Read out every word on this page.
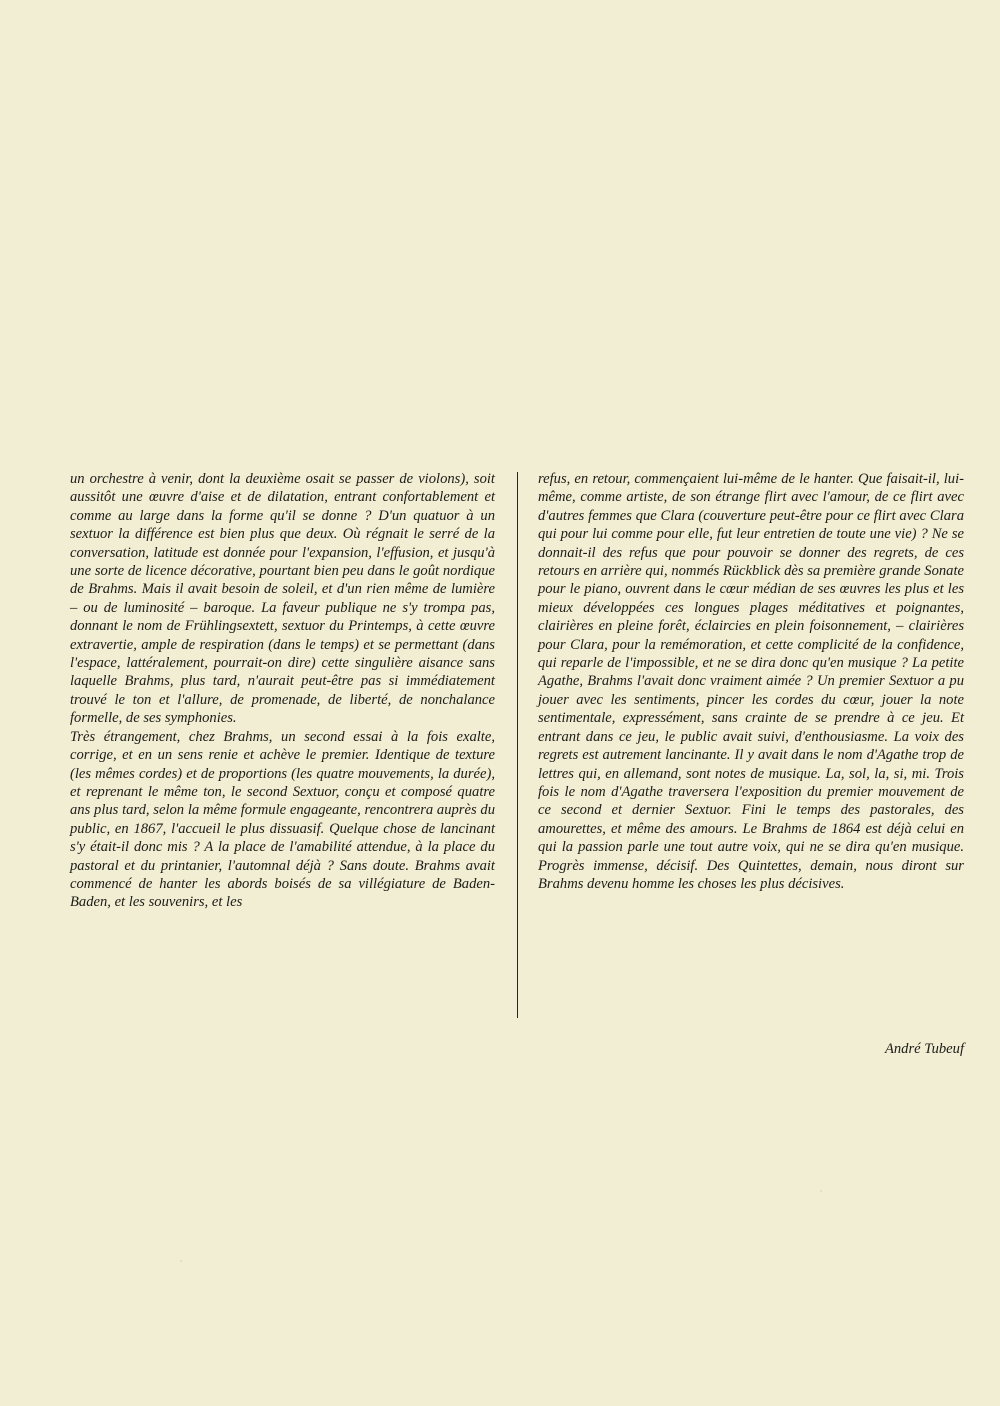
un orchestre à venir, dont la deuxième osait se passer de violons), soit aussitôt une œuvre d'aise et de dilatation, entrant confortablement et comme au large dans la forme qu'il se donne ? D'un quatuor à un sextuor la différence est bien plus que deux. Où régnait le serré de la conversation, latitude est donnée pour l'expansion, l'effusion, et jusqu'à une sorte de licence décorative, pourtant bien peu dans le goût nordique de Brahms. Mais il avait besoin de soleil, et d'un rien même de lumière – ou de luminosité – baroque. La faveur publique ne s'y trompa pas, donnant le nom de Frühlingsextett, sextuor du Printemps, à cette œuvre extravertie, ample de respiration (dans le temps) et se permettant (dans l'espace, lattéralement, pourrait-on dire) cette singulière aisance sans laquelle Brahms, plus tard, n'aurait peut-être pas si immédiatement trouvé le ton et l'allure, de promenade, de liberté, de nonchalance formelle, de ses symphonies.

Très étrangement, chez Brahms, un second essai à la fois exalte, corrige, et en un sens renie et achève le premier. Identique de texture (les mêmes cordes) et de proportions (les quatre mouvements, la durée), et reprenant le même ton, le second Sextuor, conçu et composé quatre ans plus tard, selon la même formule engageante, rencontrera auprès du public, en 1867, l'accueil le plus dissuasif. Quelque chose de lancinant s'y était-il donc mis ? A la place de l'amabilité attendue, à la place du pastoral et du printanier, l'automnal déjà ? Sans doute. Brahms avait commencé de hanter les abords boisés de sa villégiature de Baden-Baden, et les souvenirs, et les

refus, en retour, commençaient lui-même de le hanter. Que faisait-il, lui-même, comme artiste, de son étrange flirt avec l'amour, de ce flirt avec d'autres femmes que Clara (couverture peut-être pour ce flirt avec Clara qui pour lui comme pour elle, fut leur entretien de toute une vie) ? Ne se donnait-il des refus que pour pouvoir se donner des regrets, de ces retours en arrière qui, nommés Rückblick dès sa première grande Sonate pour le piano, ouvrent dans le cœur médian de ses œuvres les plus et les mieux développées ces longues plages méditatives et poignantes, clairières en pleine forêt, éclaircies en plein foisonnement, – clairières pour Clara, pour la remémoration, et cette complicité de la confidence, qui reparle de l'impossible, et ne se dira donc qu'en musique ? La petite Agathe, Brahms l'avait donc vraiment aimée ? Un premier Sextuor a pu jouer avec les sentiments, pincer les cordes du cœur, jouer la note sentimentale, expressément, sans crainte de se prendre à ce jeu. Et entrant dans ce jeu, le public avait suivi, d'enthousiasme. La voix des regrets est autrement lancinante. Il y avait dans le nom d'Agathe trop de lettres qui, en allemand, sont notes de musique. La, sol, la, si, mi. Trois fois le nom d'Agathe traversera l'exposition du premier mouvement de ce second et dernier Sextuor. Fini le temps des pastorales, des amourettes, et même des amours. Le Brahms de 1864 est déjà celui en qui la passion parle une tout autre voix, qui ne se dira qu'en musique. Progrès immense, décisif. Des Quintettes, demain, nous diront sur Brahms devenu homme les choses les plus décisives.

André Tubeuf
